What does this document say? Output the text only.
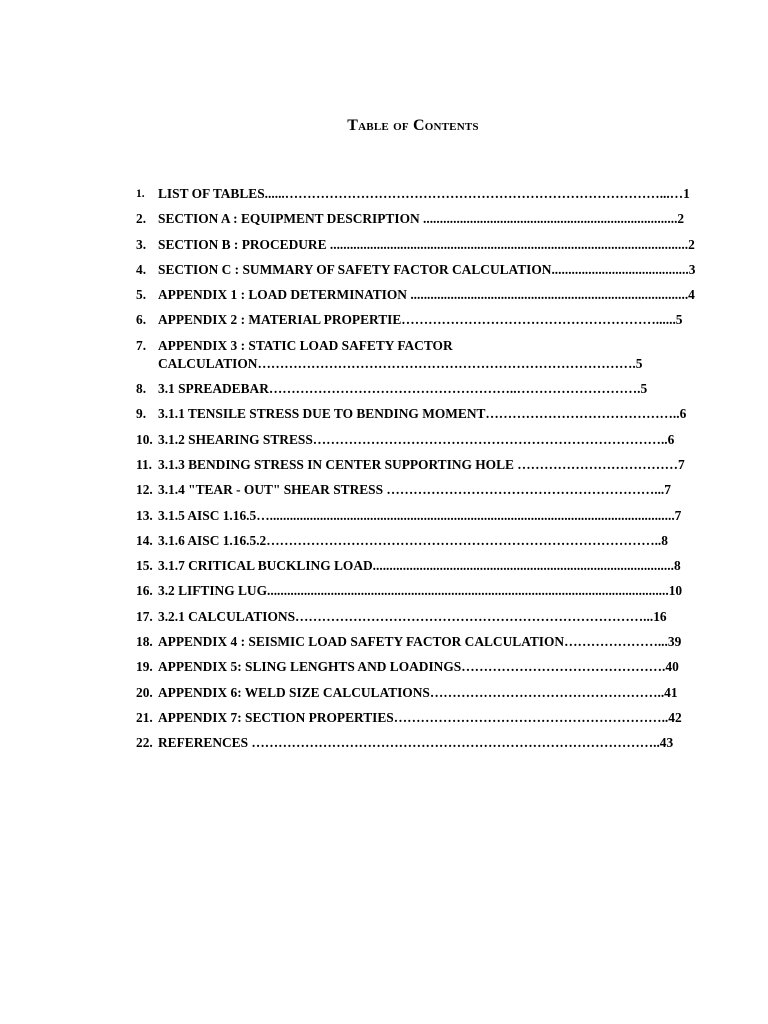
Table of Contents
1. LIST OF TABLES......…………………………………………………………………………...…1
2. SECTION A : EQUIPMENT DESCRIPTION ............................................................................2
3. SECTION B : PROCEDURE ...........................................................................................................2
4. SECTION C : SUMMARY OF SAFETY FACTOR CALCULATION.........................................3
5. APPENDIX 1 : LOAD DETERMINATION ...................................................................................4
6. APPENDIX 2 : MATERIAL PROPERTIE…………………………………………………......5
7. APPENDIX 3 : STATIC LOAD SAFETY FACTOR
CALCULATION………………………………………………………………………….5
8. 3.1 SPREADEBAR………………………………………………..……………………….5
9. 3.1.1 TENSILE STRESS DUE TO BENDING MOMENT……………………………………..6
10. 3.1.2 SHEARING STRESS……………………………………………………………………..6
11. 3.1.3 BENDING STRESS IN CENTER SUPPORTING HOLE ………………………………7
12. 3.1.4 "TEAR - OUT" SHEAR STRESS ……………………………………………………...7
13. 3.1.5 AISC 1.16.5….........................................................................................................................7
14. 3.1.6 AISC 1.16.5.2……………………………………………………………………………..8
15. 3.1.7 CRITICAL BUCKLING LOAD..........................................................................................8
16. 3.2 LIFTING LUG........................................................................................................................10
17. 3.2.1 CALCULATIONS……………………………………………………………………...16
18. APPENDIX 4 : SEISMIC LOAD SAFETY FACTOR CALCULATION…………………...39
19. APPENDIX 5: SLING LENGHTS AND LOADINGS……………………………………….40
20. APPENDIX 6: WELD SIZE CALCULATIONS……………………………………………..41
21. APPENDIX 7: SECTION PROPERTIES……………………………………………………..42
22. REFERENCES ………………………………………………………………………………..43
